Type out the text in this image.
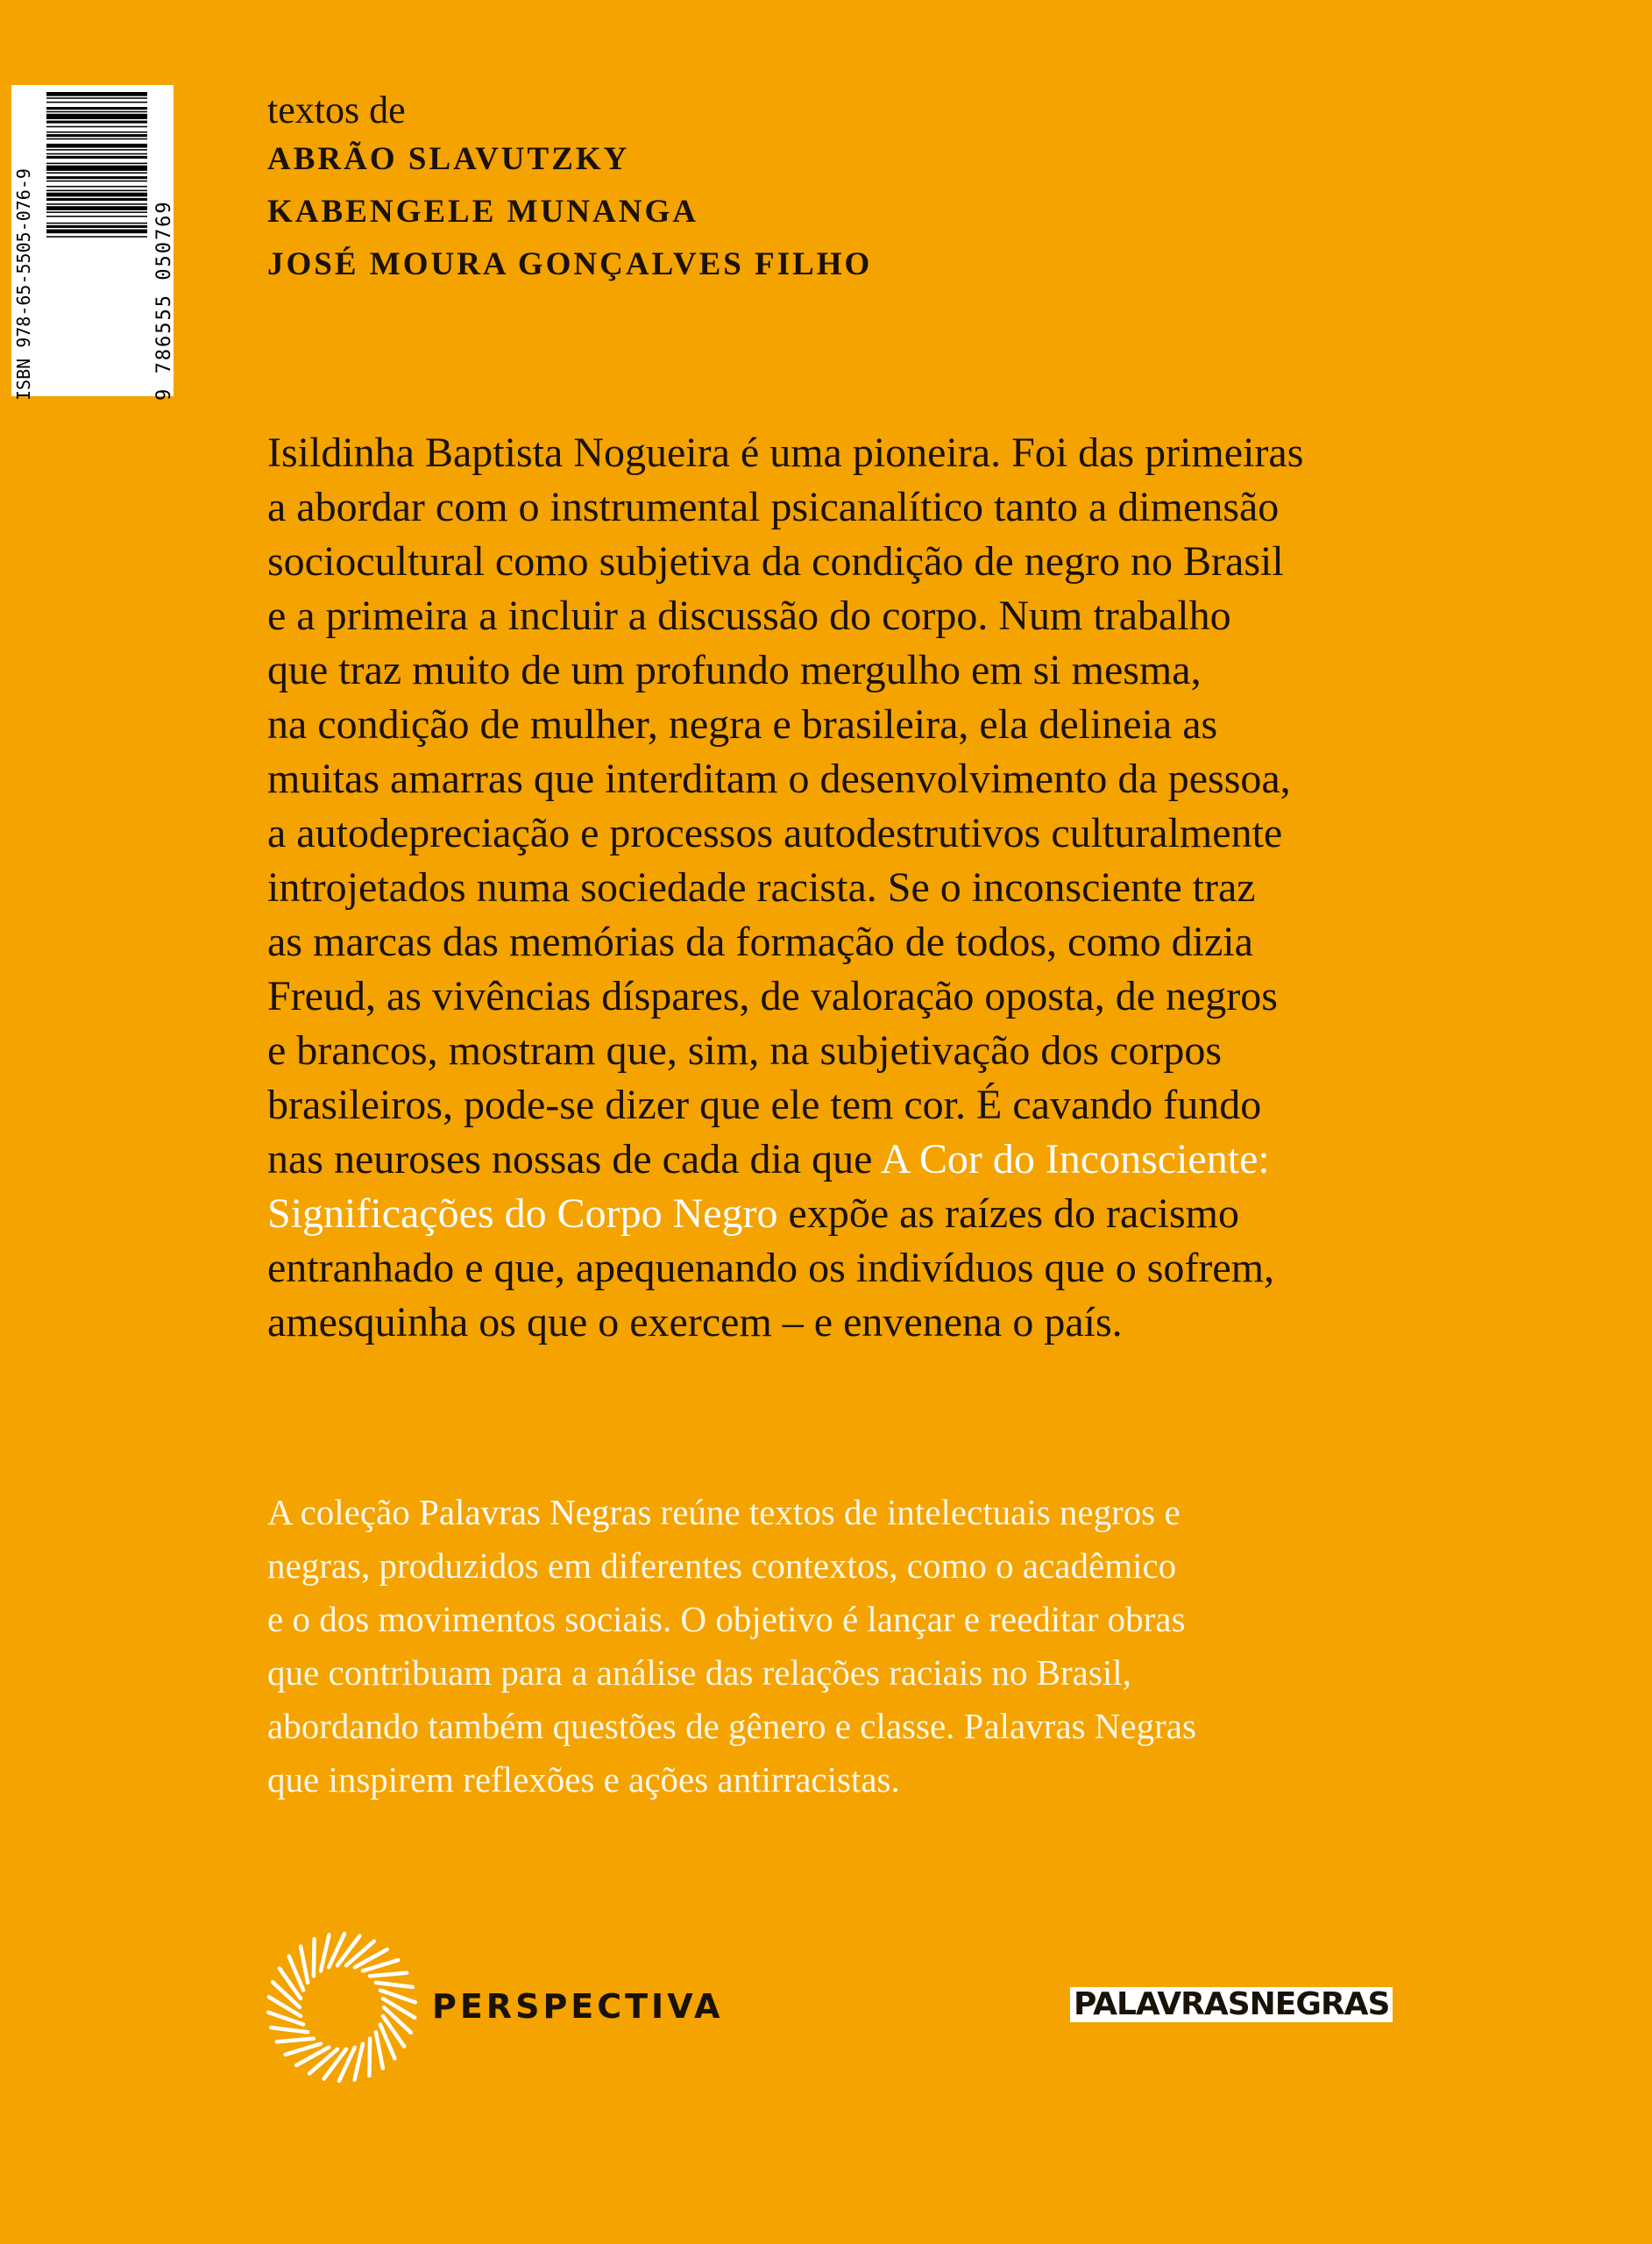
ISBN 978-65-5505-076-9	9 786555 050769
textos de
ABRÃO SLAVUTZKY
KABENGELE MUNANGA
JOSÉ MOURA GONÇALVES FILHO
Isildinha Baptista Nogueira é uma pioneira. Foi das primeiras
a abordar com o instrumental psicanalítico tanto a dimensão
sociocultural como subjetiva da condição de negro no Brasil
e a primeira a incluir a discussão do corpo. Num trabalho
que traz muito de um profundo mergulho em si mesma,
na condição de mulher, negra e brasileira, ela delineia as
muitas amarras que interditam o desenvolvimento da pessoa,
a autodepreciação e processos autodestrutivos culturalmente
introjetados numa sociedade racista. Se o inconsciente traz
as marcas das memórias da formação de todos, como dizia
Freud, as vivências díspares, de valoração oposta, de negros
e brancos, mostram que, sim, na subjetivação dos corpos
brasileiros, pode-se dizer que ele tem cor. É cavando fundo
nas neuroses nossas de cada dia que A Cor do Inconsciente:
Significações do Corpo Negro expõe as raízes do racismo
entranhado e que, apequenando os indivíduos que o sofrem,
amesquinha os que o exercem – e envenena o país.
A coleção Palavras Negras reúne textos de intelectuais negros e
negras, produzidos em diferentes contextos, como o acadêmico
e o dos movimentos sociais. O objetivo é lançar e reeditar obras
que contribuam para a análise das relações raciais no Brasil,
abordando também questões de gênero e classe. Palavras Negras
que inspirem reflexões e ações antirracistas.
PERSPECTIVA	PALAVRASNEGRAS
